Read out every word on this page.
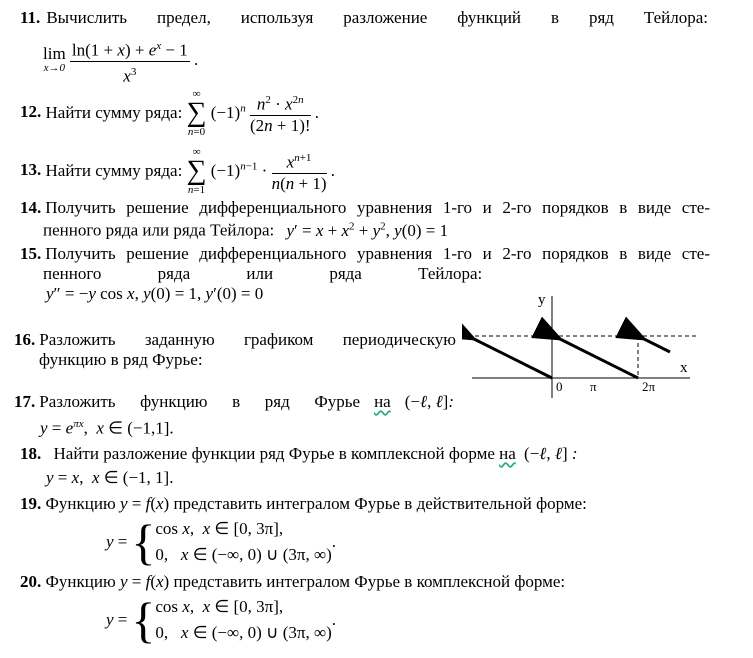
11. Вычислить предел, используя разложение функций в ряд Тейлора:
lim
x→0
$\frac{\ln(1 + x) + e^x - 1}{x^3}$ .
12. Найти сумму ряда: ∞
∑
n=0 $(-1)^n \frac{n^2 \cdot x^{2n}}{(2n + 1)!}$ .
13. Найти сумму ряда: ∞
∑
n=1 $(-1)^{n-1} \cdot \frac{x^{n+1}}{n(n + 1)}$ .
14. Получить решение дифференциального уравнения 1-го и 2-го порядков в виде сте-
пенного ряда или ряда Тейлора: $y' = x + x^2 + y^2$, y(0) = 1
15. Получить решение дифференциального уравнения 1-го и 2-го порядков в виде сте-
пенного ряда или ряда Тейлора:
y″ = −y cos x, y(0) = 1, y′(0) = 0
16. Разложить заданную графиком периодическую
функцию в ряд Фурье:
y
x
π
0 π	2π
17. Разложить функцию в ряд Фурье на (−ℓ, ℓ]:
$y = e^{\pi x}$,  x ∈ (−1,1].
18. Найти разложение функции ряд Фурье в комплексной форме на (−ℓ, ℓ] :
y = x,  x ∈ (−1, 1].
19. Функцию y = f(x) представить интегралом Фурье в действительной форме:
y = { cos x,  x ∈ [0, 3π],
0,   x ∈ (−∞, 0) ∪ (3π, ∞)
.
20. Функцию y = f(x) представить интегралом Фурье в комплексной форме:
y = { cos x,  x ∈ [0, 3π],
0,   x ∈ (−∞, 0) ∪ (3π, ∞)
.
